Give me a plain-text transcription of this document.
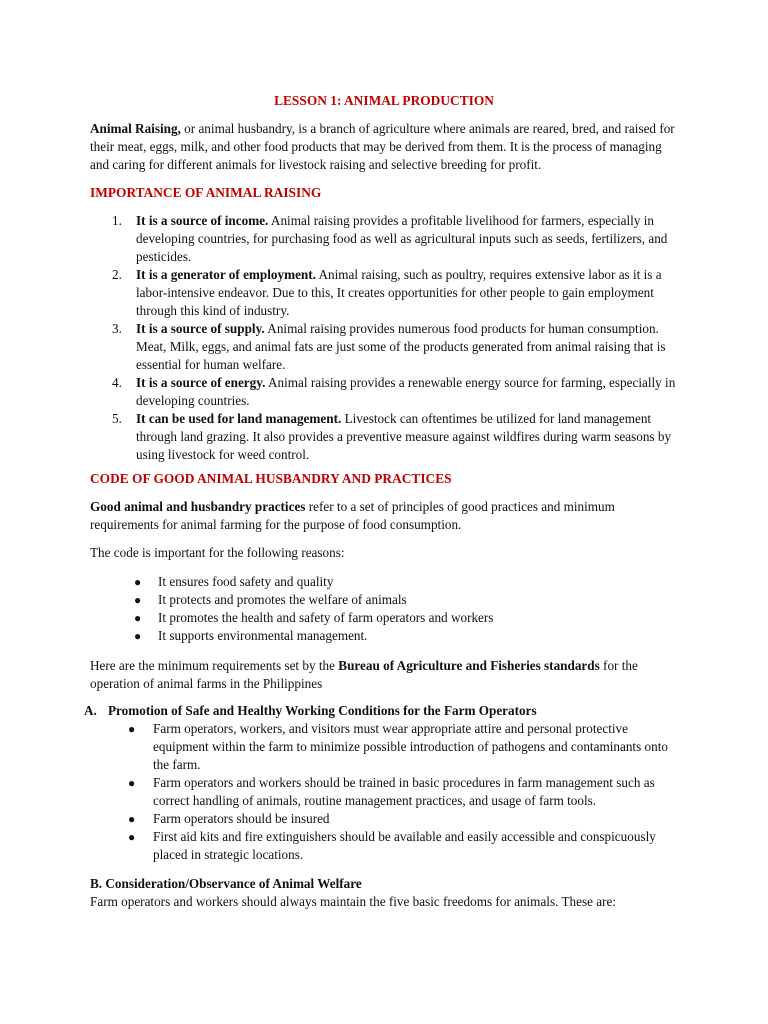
LESSON 1: ANIMAL PRODUCTION

Animal Raising, or animal husbandry, is a branch of agriculture where animals are reared, bred, and raised for their meat, eggs, milk, and other food products that may be derived from them. It is the process of managing and caring for different animals for livestock raising and selective breeding for profit.

IMPORTANCE OF ANIMAL RAISING
1. It is a source of income. Animal raising provides a profitable livelihood for farmers, especially in developing countries, for purchasing food as well as agricultural inputs such as seeds, fertilizers, and pesticides.
2. It is a generator of employment. Animal raising, such as poultry, requires extensive labor as it is a labor-intensive endeavor. Due to this, It creates opportunities for other people to gain employment through this kind of industry.
3. It is a source of supply. Animal raising provides numerous food products for human consumption. Meat, Milk, eggs, and animal fats are just some of the products generated from animal raising that is essential for human welfare.
4. It is a source of energy. Animal raising provides a renewable energy source for farming, especially in developing countries.
5. It can be used for land management. Livestock can oftentimes be utilized for land management through land grazing. It also provides a preventive measure against wildfires during warm seasons by using livestock for weed control.
CODE OF GOOD ANIMAL HUSBANDRY AND PRACTICES

Good animal and husbandry practices refer to a set of principles of good practices and minimum requirements for animal farming for the purpose of food consumption.

The code is important for the following reasons:
● It ensures food safety and quality
● It protects and promotes the welfare of animals
● It promotes the health and safety of farm operators and workers
● It supports environmental management.

Here are the minimum requirements set by the Bureau of Agriculture and Fisheries standards for the operation of animal farms in the Philippines

A. Promotion of Safe and Healthy Working Conditions for the Farm Operators
● Farm operators, workers, and visitors must wear appropriate attire and personal protective equipment within the farm to minimize possible introduction of pathogens and contaminants onto the farm.
● Farm operators and workers should be trained in basic procedures in farm management such as correct handling of animals, routine management practices, and usage of farm tools.
● Farm operators should be insured
● First aid kits and fire extinguishers should be available and easily accessible and conspicuously placed in strategic locations.
B. Consideration/Observance of Animal Welfare
Farm operators and workers should always maintain the five basic freedoms for animals. These are:
